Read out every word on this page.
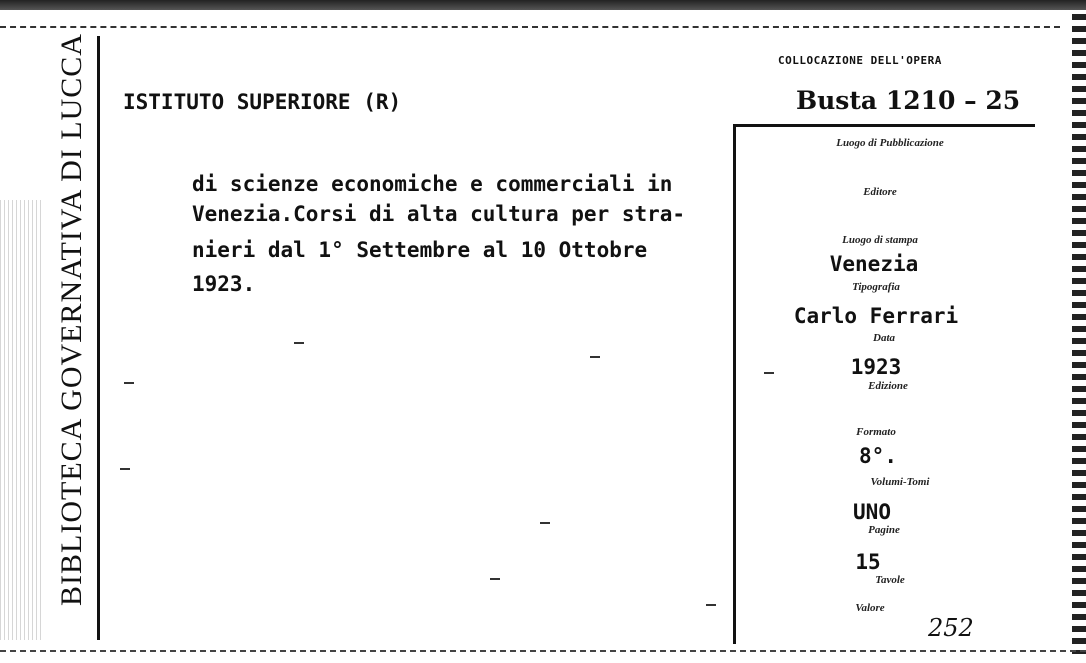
BIBLIOTECA GOVERNATIVA DI LUCCA	COLLOCAZIONE DELL'OPERA
Busta 1210 – 25
ISTITUTO SUPERIORE (R)
di scienze economiche e commerciali in
Venezia.Corsi di alta cultura per stra-
nieri dal 1° Settembre al 10 Ottobre
1923.
Luogo di Pubblicazione
Editore
Luogo di stampa
Venezia
Tipografia
Carlo Ferrari
Data
1923
Edizione
Formato
8°.
Volumi-Tomi
UNO
Pagine
15
Tavole
Valore
252
